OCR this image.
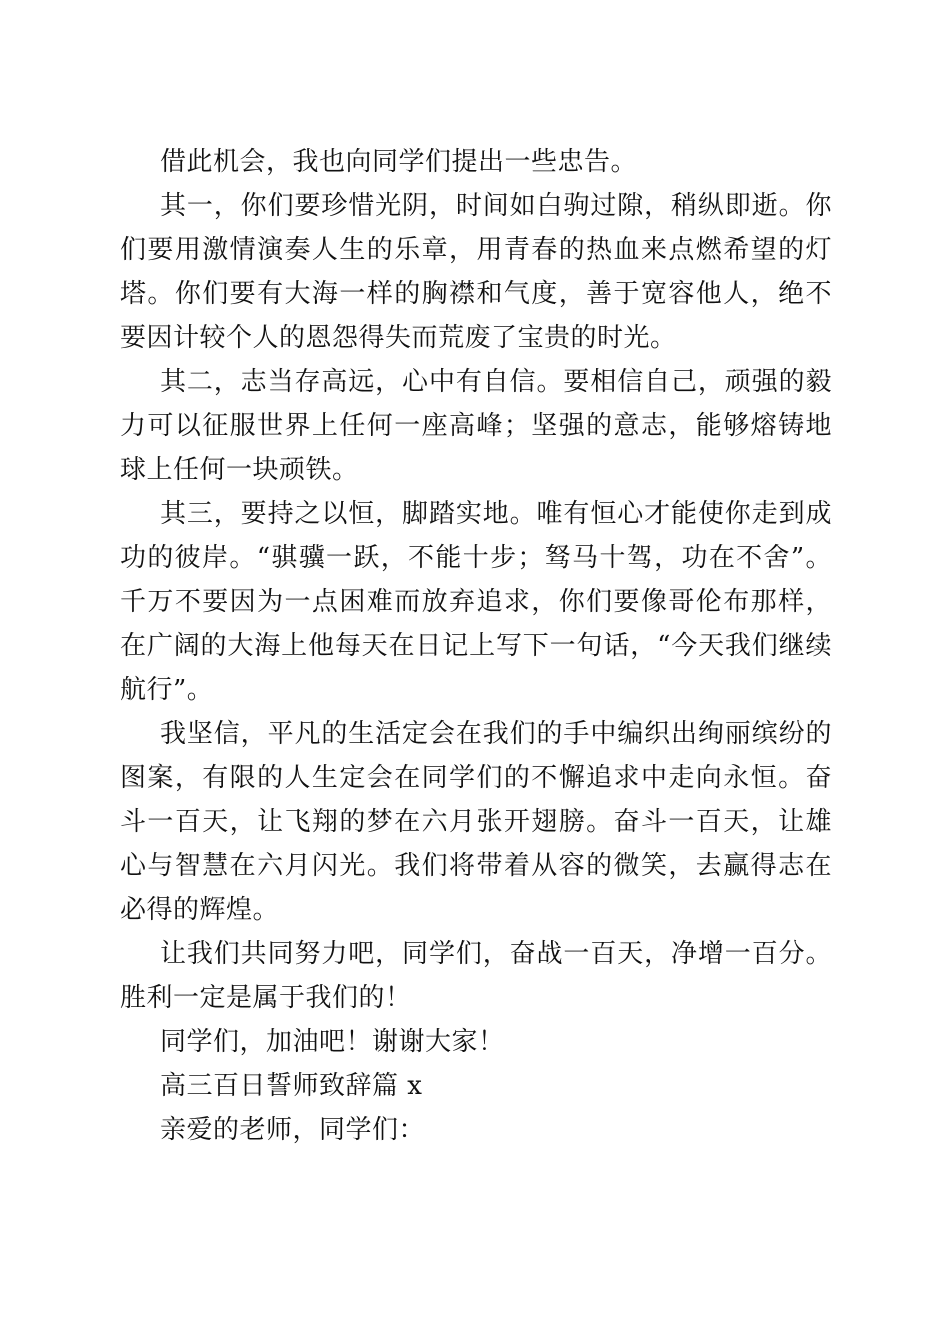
借此机会，我也向同学们提出一些忠告。

其一，你们要珍惜光阴，时间如白驹过隙，稍纵即逝。你们要用激情演奏人生的乐章，用青春的热血来点燃希望的灯塔。你们要有大海一样的胸襟和气度，善于宽容他人，绝不要因计较个人的恩怨得失而荒废了宝贵的时光。

其二，志当存高远，心中有自信。要相信自己，顽强的毅力可以征服世界上任何一座高峰；坚强的意志，能够熔铸地球上任何一块顽铁。

其三，要持之以恒，脚踏实地。唯有恒心才能使你走到成功的彼岸。“骐骥一跃，不能十步；驽马十驾，功在不舍”。千万不要因为一点困难而放弃追求，你们要像哥伦布那样，在广阔的大海上他每天在日记上写下一句话，“今天我们继续航行”。

我坚信，平凡的生活定会在我们的手中编织出绚丽缤纷的图案，有限的人生定会在同学们的不懈追求中走向永恒。奋斗一百天，让飞翔的梦在六月张开翅膀。奋斗一百天，让雄心与智慧在六月闪光。我们将带着从容的微笑，去赢得志在必得的辉煌。

让我们共同努力吧，同学们，奋战一百天，净增一百分。胜利一定是属于我们的！

同学们，加油吧！谢谢大家！

高三百日誓师致辞篇 x

亲爱的老师，同学们：
